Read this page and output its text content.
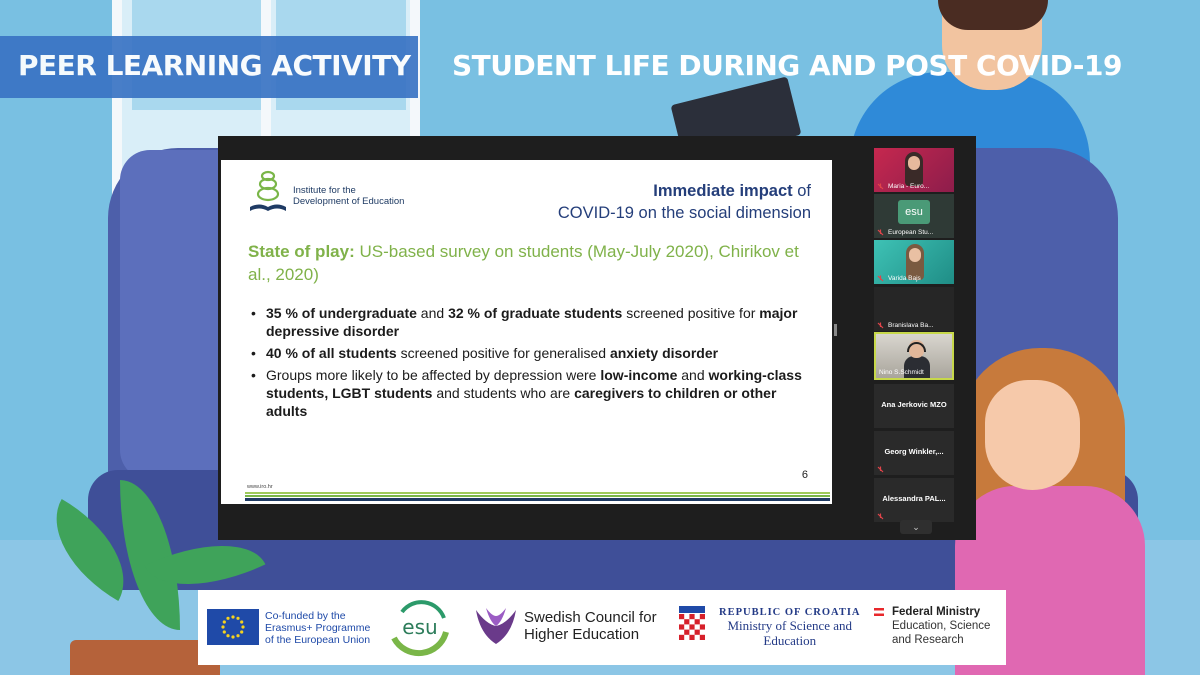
PEER LEARNING ACTIVITY STUDENT LIFE DURING AND POST COVID-19
Institute for the
Development of Education
Immediate impact of
COVID-19 on the social dimension
State of play: US-based survey on students (May-July 2020), Chirikov et al., 2020)
• 35 % of undergraduate and 32 % of graduate students screened positive for major depressive disorder
• 40 % of all students screened positive for generalised anxiety disorder
• Groups more likely to be affected by depression were low-income and working-class students, LGBT students and students who are caregivers to children or other adults
www.iro.hr
6
Maria - Euro...
esu
European Stu...
Varida Bajs
Branislava Ba...
Nino S.Schmidt
Ana Jerkovic MZO
Georg Winkler,...
Alessandra PAL...
⌄
Co-funded by the
Erasmus+ Programme
of the European Union
esu	Swedish Council for
Higher Education
REPUBLIC OF CROATIA
Ministry of Science and
Education
Federal Ministry
Education, Science
and Research
